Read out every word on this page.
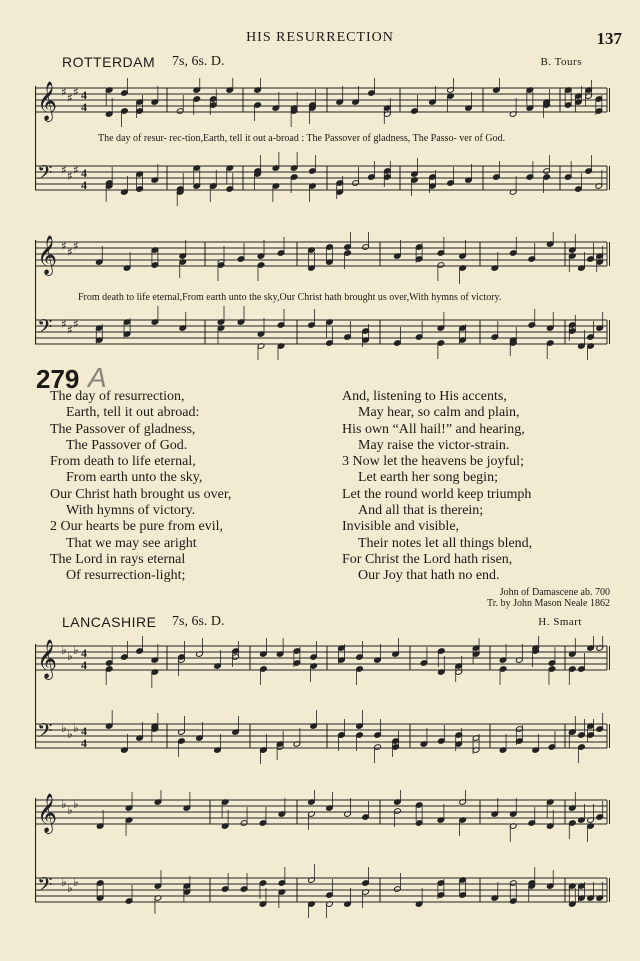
HIS RESURRECTION	137
ROTTERDAM 7s, 6s. D.	B. Tours
𝄞 ♯ ♯ ♯ 4
4
𝄢 ♯ ♯ ♯ 4
4
The day of resur- rec-tion,Earth, tell it out a-broad : The Passover of gladness, The Passo- ver of God.
𝄞 ♯ ♯ ♯
𝄢 ♯ ♯ ♯
From death to life eternal,From earth unto the sky,Our Christ hath brought us over,With hymns of victory.
279 A
The day of resurrection,
Earth, tell it out abroad:
The Passover of gladness,
The Passover of God.
From death to life eternal,
From earth unto the sky,
Our Christ hath brought us over,
With hymns of victory.
2 Our hearts be pure from evil,
That we may see aright
The Lord in rays eternal
Of resurrection-light;
And, listening to His accents,
May hear, so calm and plain,
His own “All hail!” and hearing,
May raise the victor-strain.
3 Now let the heavens be joyful;
Let earth her song begin;
Let the round world keep triumph
And all that is therein;
Invisible and visible,
Their notes let all things blend,
For Christ the Lord hath risen,
Our Joy that hath no end.
John of Damascene ab. 700
Tr. by John Mason Neale 1862
LANCASHIRE 7s, 6s. D.	H. Smart
𝄞 ♭ ♭ ♭ 4
4
𝄢 ♭ ♭ ♭ 4
4
𝄞 ♭ ♭ ♭
𝄢 ♭ ♭ ♭
